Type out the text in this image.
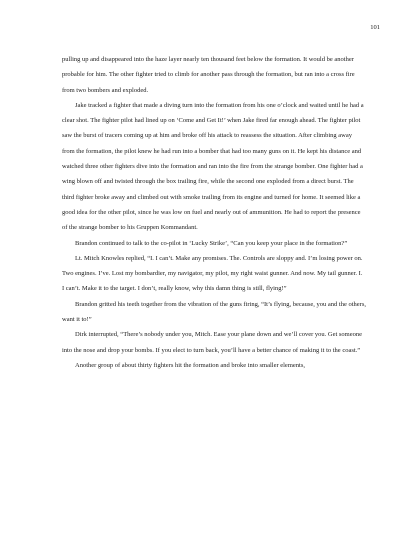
101

pulling up and disappeared into the haze layer nearly ten thousand feet below the formation. It would be another probable for him. The other fighter tried to climb for another pass through the formation, but ran into a cross fire from two bombers and exploded.

Jake tracked a fighter that made a diving turn into the formation from his one o’clock and waited until he had a clear shot. The fighter pilot had lined up on ‘Come and Get It!’ when Jake fired far enough ahead. The fighter pilot saw the burst of tracers coming up at him and broke off his attack to reassess the situation. After climbing away from the formation, the pilot knew he had run into a bomber that had too many guns on it. He kept his distance and watched three other fighters dive into the formation and ran into the fire from the strange bomber. One fighter had a wing blown off and twisted through the box trailing fire, while the second one exploded from a direct burst. The third fighter broke away and climbed out with smoke trailing from its engine and turned for home. It seemed like a good idea for the other pilot, since he was low on fuel and nearly out of ammunition. He had to report the presence of the strange bomber to his Gruppen Kommandant.

Brandon continued to talk to the co-pilot in ‘Lucky Strike’, “Can you keep your place in the formation?”

Lt. Mitch Knowles replied, “I. I can’t. Make any promises. The. Controls are sloppy and. I’m losing power on. Two engines. I’ve. Lost my bombardier, my navigator, my pilot, my right waist gunner. And now. My tail gunner. I. I can’t. Make it to the target. I don’t, really know, why this damn thing is still, flying!”

Brandon gritted his teeth together from the vibration of the guns firing, “It’s flying, because, you and the others, want it to!”

Dirk interrupted, “There’s nobody under you, Mitch. Ease your plane down and we’ll cover you. Get someone into the nose and drop your bombs. If you elect to turn back, you’ll have a better chance of making it to the coast.”

Another group of about thirty fighters hit the formation and broke into smaller elements,
